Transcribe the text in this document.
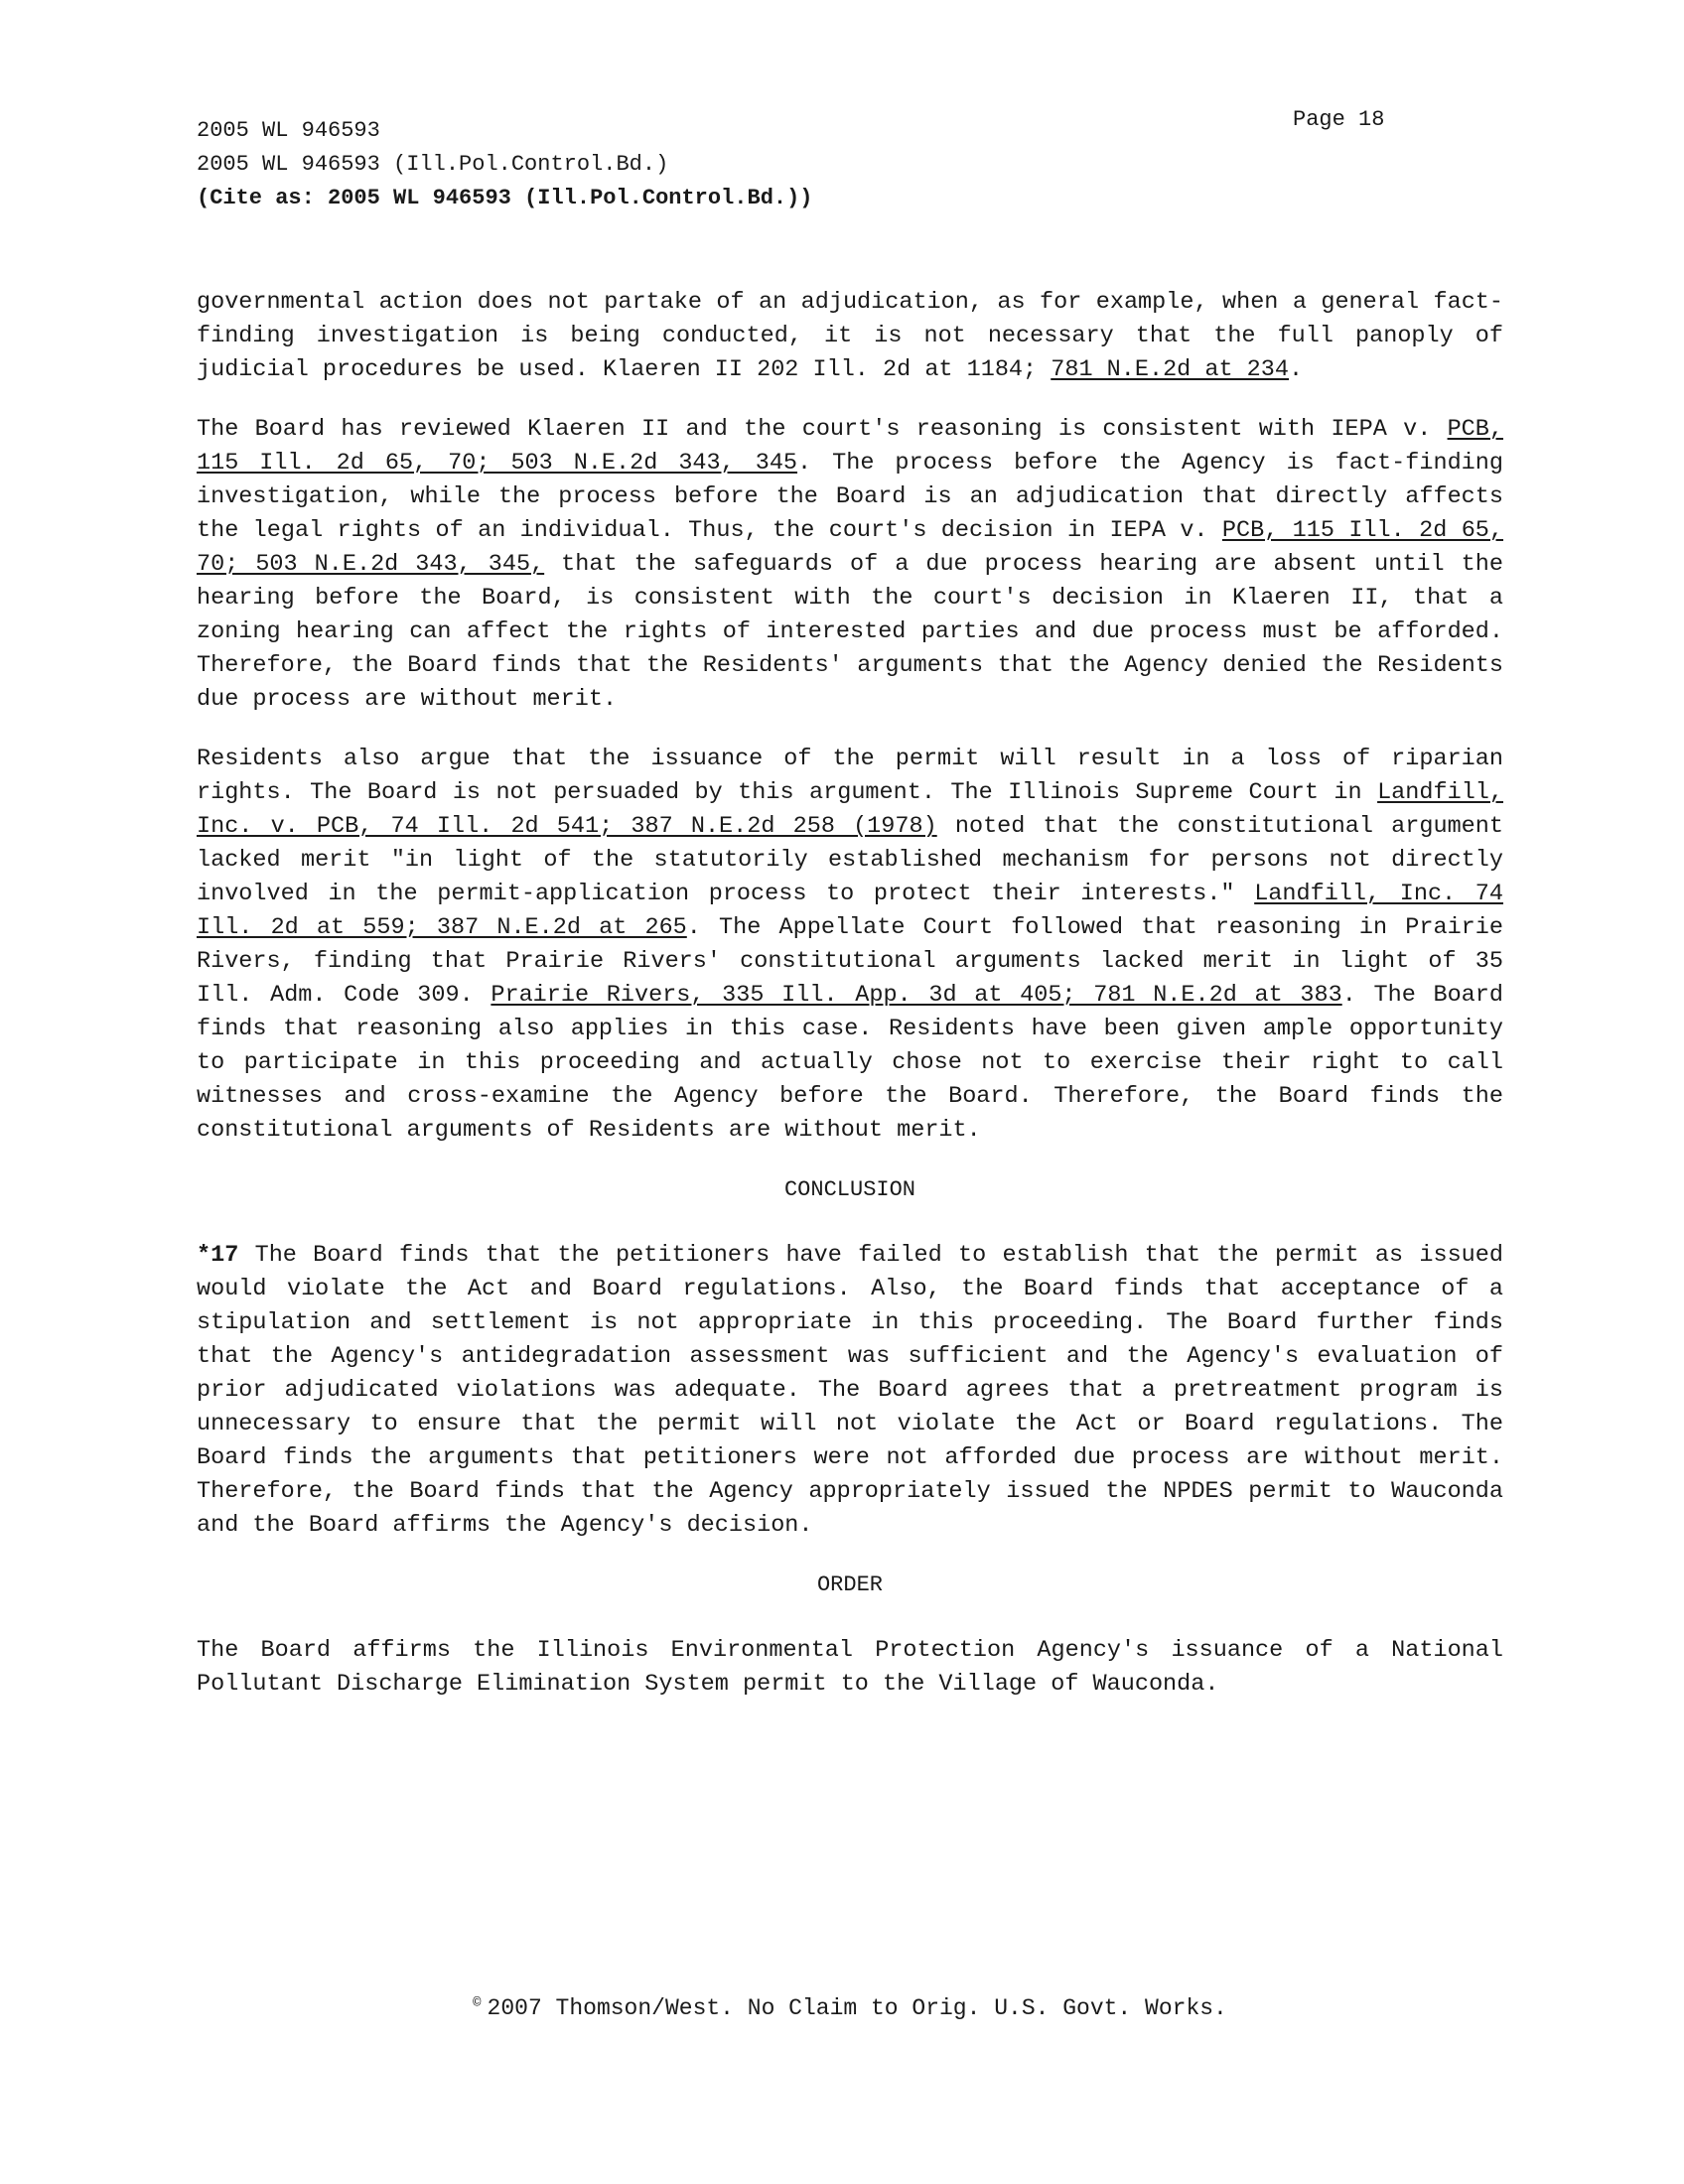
2005 WL 946593
2005 WL 946593 (Ill.Pol.Control.Bd.)
(Cite as: 2005 WL 946593 (Ill.Pol.Control.Bd.))
Page 18

governmental action does not partake of an adjudication, as for example, when a general fact-finding investigation is being conducted, it is not necessary that the full panoply of judicial procedures be used. Klaeren II 202 Ill. 2d at 1184; 781 N.E.2d at 234.

The Board has reviewed Klaeren II and the court's reasoning is consistent with IEPA v. PCB, 115 Ill. 2d 65, 70; 503 N.E.2d 343, 345. The process before the Agency is fact-finding investigation, while the process before the Board is an adjudication that directly affects the legal rights of an individual. Thus, the court's decision in IEPA v. PCB, 115 Ill. 2d 65, 70; 503 N.E.2d 343, 345, that the safeguards of a due process hearing are absent until the hearing before the Board, is consistent with the court's decision in Klaeren II, that a zoning hearing can affect the rights of interested parties and due process must be afforded. Therefore, the Board finds that the Residents' arguments that the Agency denied the Residents due process are without merit.

Residents also argue that the issuance of the permit will result in a loss of riparian rights. The Board is not persuaded by this argument. The Illinois Supreme Court in Landfill, Inc. v. PCB, 74 Ill. 2d 541; 387 N.E.2d 258 (1978) noted that the constitutional argument lacked merit "in light of the statutorily established mechanism for persons not directly involved in the permit-application process to protect their interests." Landfill, Inc. 74 Ill. 2d at 559; 387 N.E.2d at 265. The Appellate Court followed that reasoning in Prairie Rivers, finding that Prairie Rivers' constitutional arguments lacked merit in light of 35 Ill. Adm. Code 309. Prairie Rivers, 335 Ill. App. 3d at 405; 781 N.E.2d at 383. The Board finds that reasoning also applies in this case. Residents have been given ample opportunity to participate in this proceeding and actually chose not to exercise their right to call witnesses and cross-examine the Agency before the Board. Therefore, the Board finds the constitutional arguments of Residents are without merit.

CONCLUSION

*17 The Board finds that the petitioners have failed to establish that the permit as issued would violate the Act and Board regulations. Also, the Board finds that acceptance of a stipulation and settlement is not appropriate in this proceeding. The Board further finds that the Agency's antidegradation assessment was sufficient and the Agency's evaluation of prior adjudicated violations was adequate. The Board agrees that a pretreatment program is unnecessary to ensure that the permit will not violate the Act or Board regulations. The Board finds the arguments that petitioners were not afforded due process are without merit. Therefore, the Board finds that the Agency appropriately issued the NPDES permit to Wauconda and the Board affirms the Agency's decision.

ORDER

The Board affirms the Illinois Environmental Protection Agency's issuance of a National Pollutant Discharge Elimination System permit to the Village of Wauconda.

© 2007 Thomson/West. No Claim to Orig. U.S. Govt. Works.
